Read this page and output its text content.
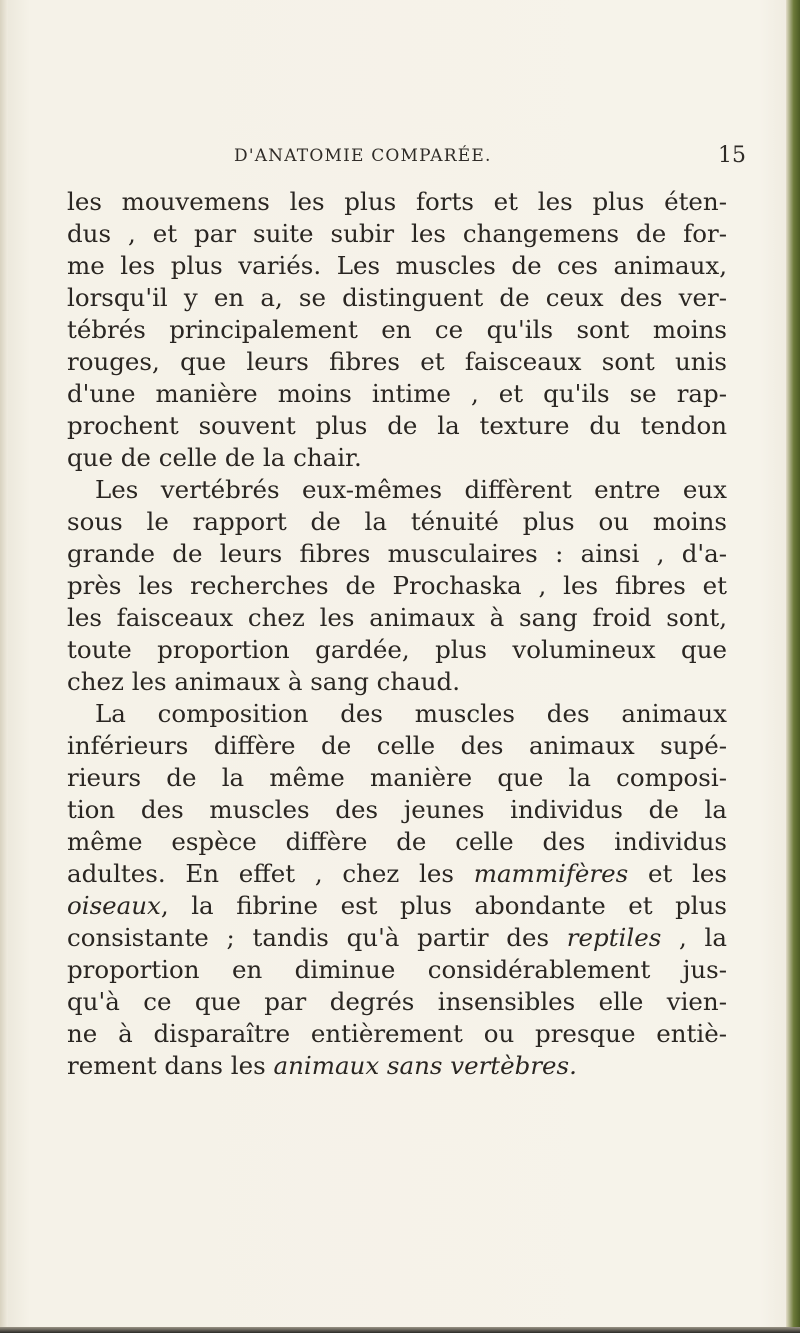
D'ANATOMIE COMPARÉE.	15
les mouvemens les plus forts et les plus éten-
dus , et par suite subir les changemens de for-
me les plus variés. Les muscles de ces animaux,
lorsqu'il y en a, se distinguent de ceux des ver-
tébrés principalement en ce qu'ils sont moins
rouges, que leurs fibres et faisceaux sont unis
d'une manière moins intime , et qu'ils se rap-
prochent souvent plus de la texture du tendon
que de celle de la chair.
Les vertébrés eux-mêmes diffèrent entre eux
sous le rapport de la ténuité plus ou moins
grande de leurs fibres musculaires : ainsi , d'a-
près les recherches de Prochaska , les fibres et
les faisceaux chez les animaux à sang froid sont,
toute proportion gardée, plus volumineux que
chez les animaux à sang chaud.
La composition des muscles des animaux
inférieurs diffère de celle des animaux supé-
rieurs de la même manière que la composi-
tion des muscles des jeunes individus de la
même espèce diffère de celle des individus
adultes. En effet , chez les mammifères et les
oiseaux, la fibrine est plus abondante et plus
consistante ; tandis qu'à partir des reptiles , la
proportion en diminue considérablement jus-
qu'à ce que par degrés insensibles elle vien-
ne à disparaître entièrement ou presque entiè-
rement dans les animaux sans vertèbres.
